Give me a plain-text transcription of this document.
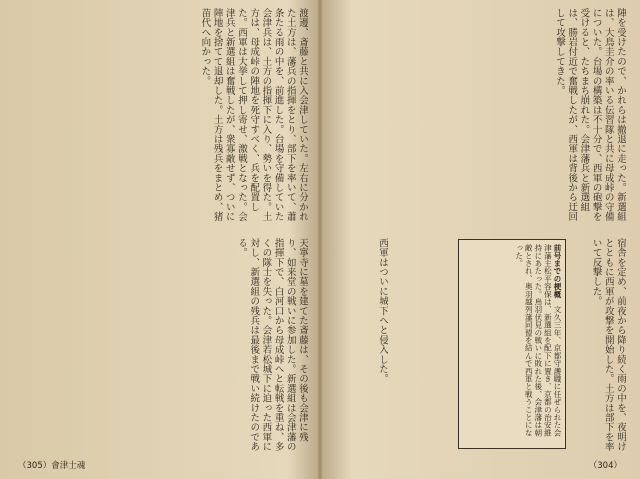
渡邊、斎藤と共に入会津していた。左右に分かれた土方は、藩兵の指揮をとり、部下を率いて、蕭条たる雨の中を、前進した。台場を守備していた会津兵は、土方の指揮下に入り、勢いを得た。土方は、母成峠の陣地を死守すべく、兵を配置した。西軍は大挙して押し寄せ、激戦となった。会津兵と新選組は奮戦したが、衆寡敵せず、ついに陣地を捨てて退却した。土方は残兵をまとめ、猪苗代へ向かった。
天寧寺に墓を建てた斎藤は、その後も会津に残り、如来堂の戦いに参加した。新選組は会津藩の指揮下で、白河口から母成峠へと転戦を重ね、多くの隊士を失った。会津若松城下に迫った西軍に対し、新選組の残兵は最後まで戦い続けたのである。
陣を受けたので、かれらは撤退に走った。新選組は、大鳥圭介の率いる伝習隊と共に母成峠の守備についた。台場の構築は不十分で、西軍の砲撃を受けると、たちまち崩れた。会津藩兵と新選組は、勝岩付近で奮戦したが、西軍は背後から迂回して攻撃してきた。
宿舎を定め、前夜から降り続く雨の中を、夜明けとともに西軍が攻撃を開始した。土方は部下を率いて反撃した。
西軍はついに城下へと侵入した。	前号までの梗概　文久三年、京都守護職に任ぜられた会津藩主松平容保は、新選組を配下に置き、京都の治安維持にあたった。鳥羽伏見の戦いに敗れた後、会津藩は朝敵とされ、奥羽越列藩同盟を結んで西軍と戦うことになった。
（305）會津士魂	（304）
